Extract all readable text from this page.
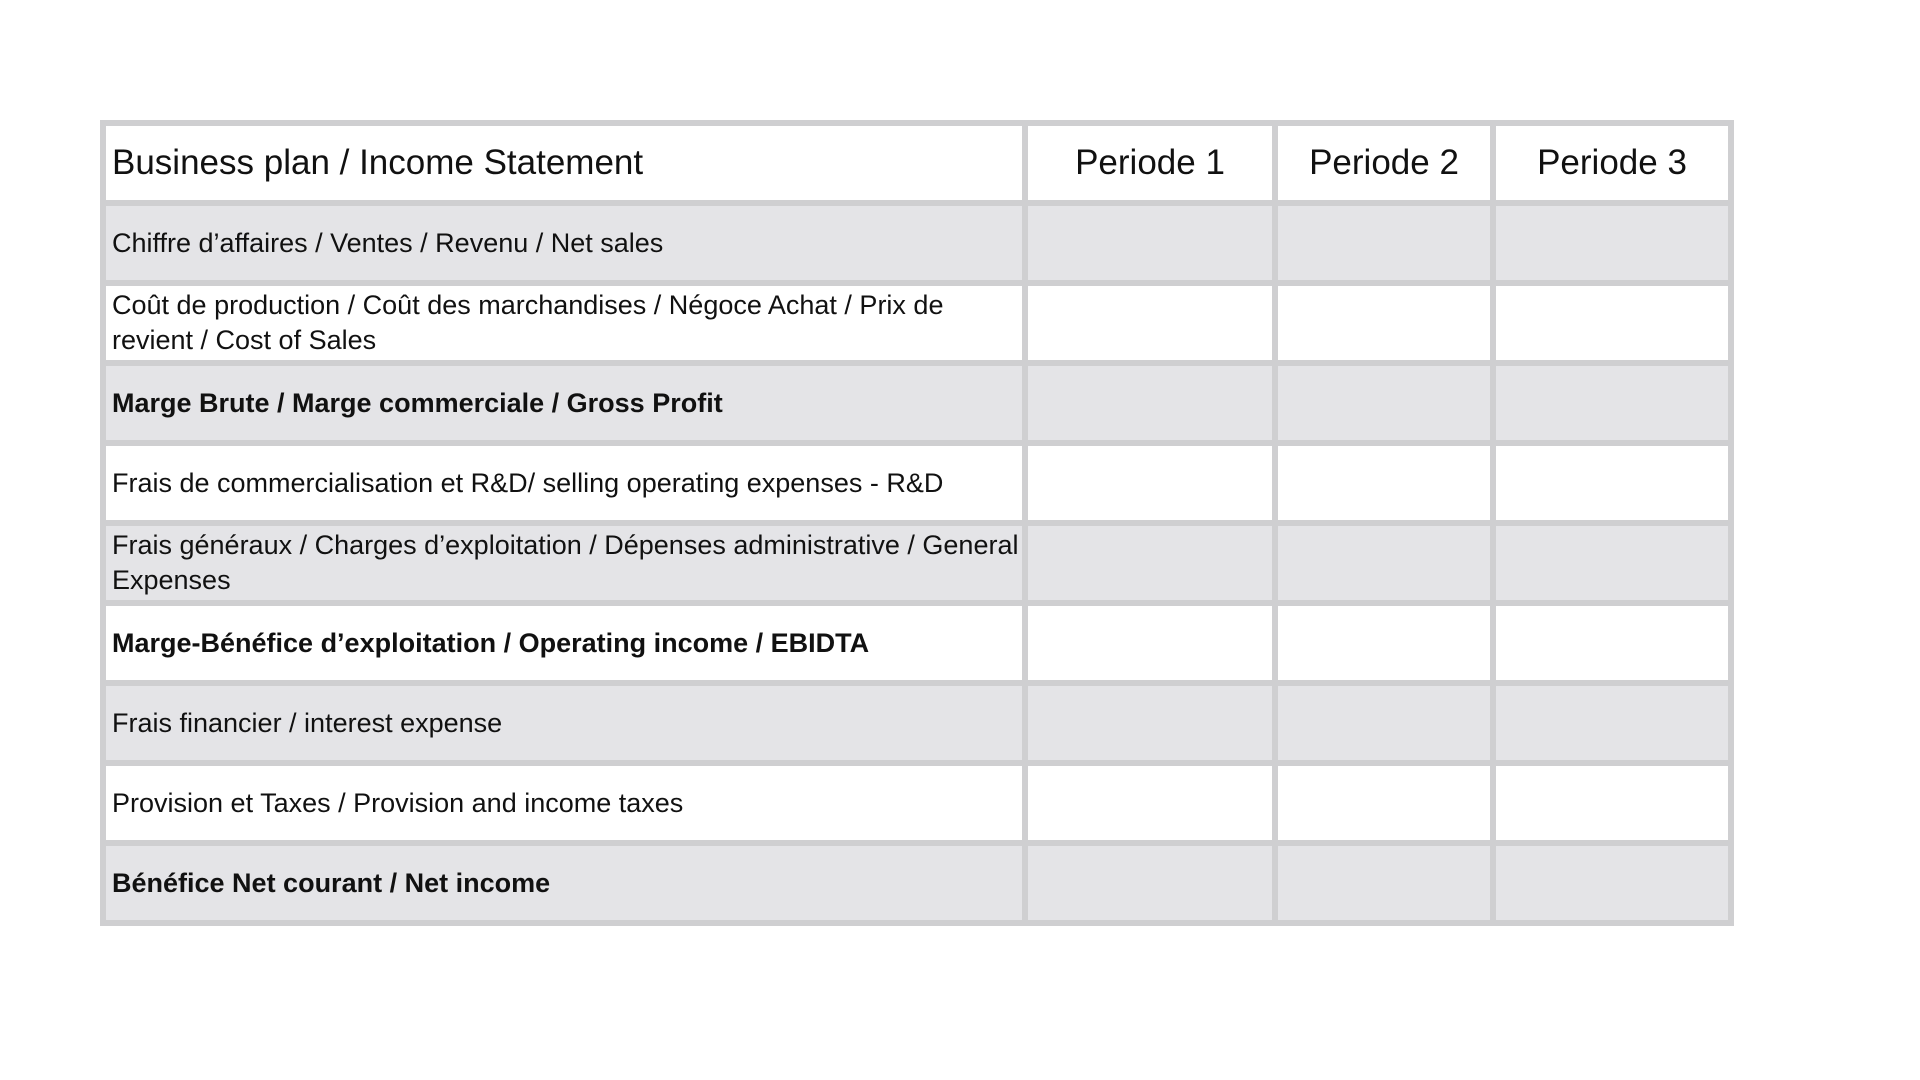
Business plan / Income Statement	Periode 1	Periode 2	Periode 3
Chiffre d’affaires / Ventes / Revenu / Net sales			
Coût de production / Coût des marchandises / Négoce Achat / Prix de revient / Cost of Sales			
Marge Brute / Marge commerciale / Gross Profit			
Frais de commercialisation et R&D/ selling operating expenses - R&D			
Frais généraux / Charges d’exploitation / Dépenses administrative / General Expenses			
Marge-Bénéfice d’exploitation / Operating income / EBIDTA			
Frais financier / interest expense			
Provision et Taxes / Provision and income taxes			
Bénéfice Net courant / Net income			
